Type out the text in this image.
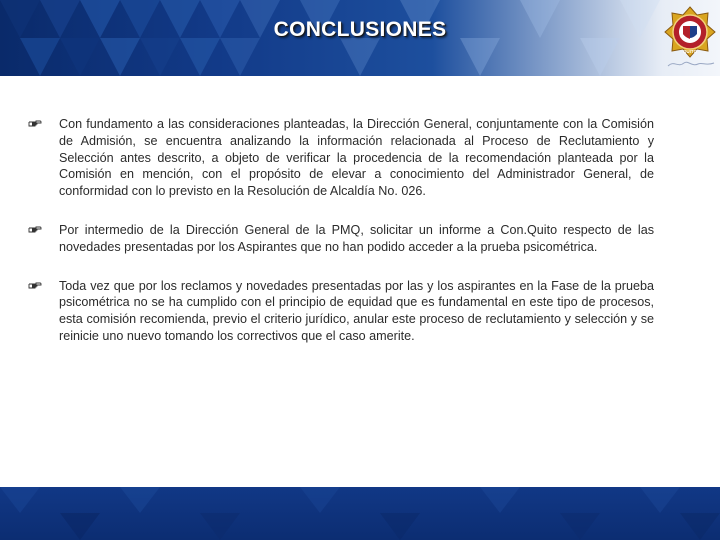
CONCLUSIONES
QUITO
Con fundamento a las consideraciones planteadas, la Dirección General, conjuntamente con la Comisión de Admisión, se encuentra analizando la información relacionada al Proceso de Reclutamiento y Selección antes descrito, a objeto de verificar la procedencia de la recomendación planteada por la Comisión en mención, con el propósito de elevar a conocimiento del Administrador General, de conformidad con lo previsto en la Resolución de Alcaldía No. 026.
Por intermedio de la Dirección General de la PMQ, solicitar un informe a Con.Quito respecto de las novedades presentadas por los Aspirantes que no han podido acceder a la prueba psicométrica.
Toda vez que por los reclamos y novedades presentadas por las y los aspirantes en la Fase de la prueba psicométrica no se ha cumplido con el principio de equidad que es fundamental en este tipo de procesos, esta comisión recomienda, previo el criterio jurídico, anular este proceso de reclutamiento y selección y se reinicie uno nuevo tomando los correctivos que el caso amerite.
